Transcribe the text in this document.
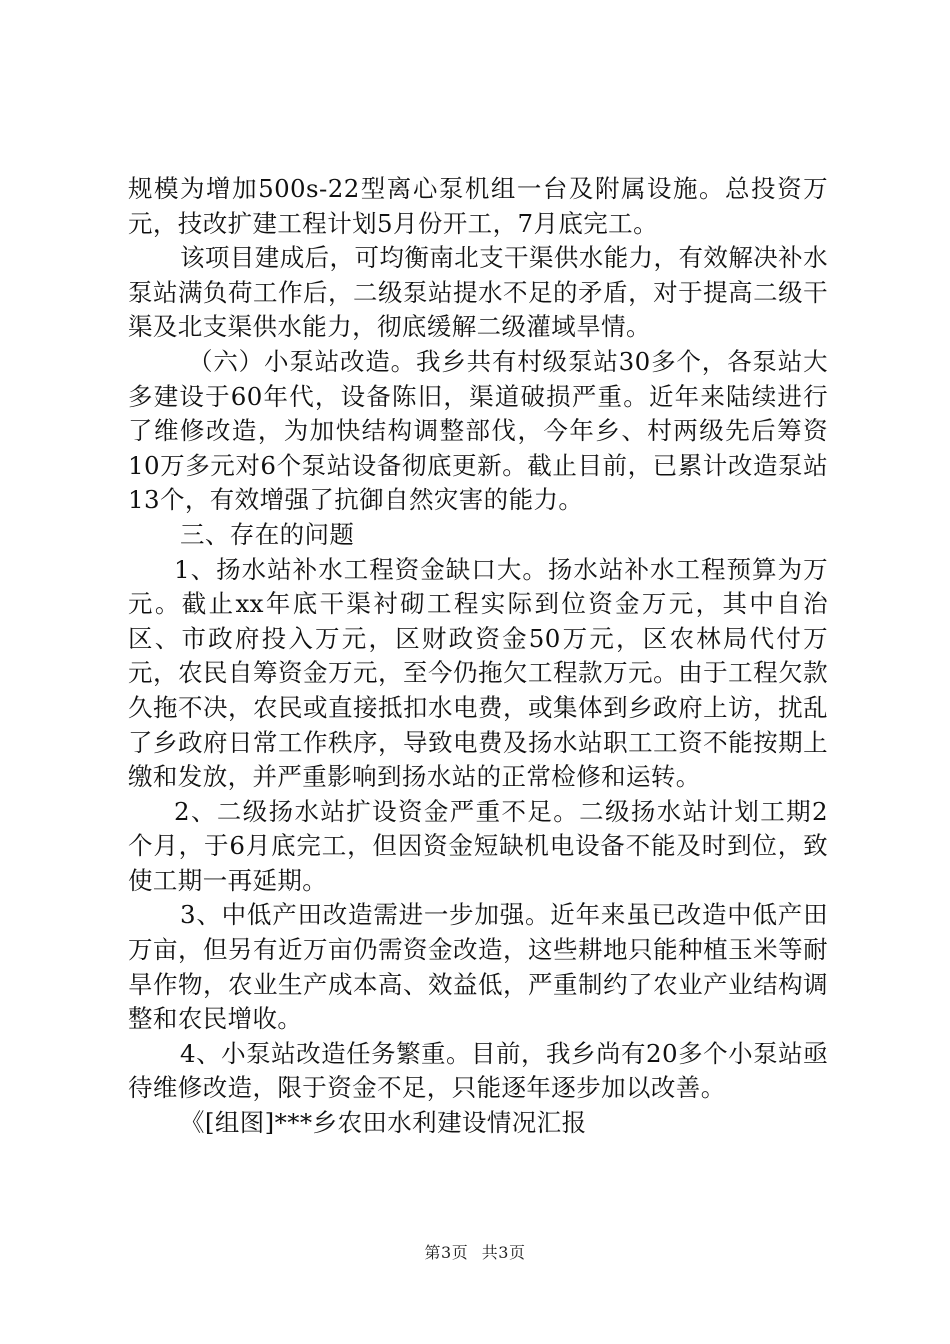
规模为增加500s-22型离心泵机组一台及附属设施。总投资万元，技改扩建工程计划5月份开工，7月底完工。

该项目建成后，可均衡南北支干渠供水能力，有效解决补水泵站满负荷工作后，二级泵站提水不足的矛盾，对于提高二级干渠及北支渠供水能力，彻底缓解二级灌域旱情。

（六）小泵站改造。我乡共有村级泵站30多个，各泵站大多建设于60年代，设备陈旧，渠道破损严重。近年来陆续进行了维修改造，为加快结构调整部伐，今年乡、村两级先后筹资10万多元对6个泵站设备彻底更新。截止目前，已累计改造泵站13个，有效增强了抗御自然灾害的能力。

三、存在的问题

1、扬水站补水工程资金缺口大。扬水站补水工程预算为万元。截止xx年底干渠衬砌工程实际到位资金万元，其中自治区、市政府投入万元，区财政资金50万元，区农林局代付万元，农民自筹资金万元，至今仍拖欠工程款万元。由于工程欠款久拖不决，农民或直接抵扣水电费，或集体到乡政府上访，扰乱了乡政府日常工作秩序，导致电费及扬水站职工工资不能按期上缴和发放，并严重影响到扬水站的正常检修和运转。

2、二级扬水站扩设资金严重不足。二级扬水站计划工期2个月，于6月底完工，但因资金短缺机电设备不能及时到位，致使工期一再延期。

3、中低产田改造需进一步加强。近年来虽已改造中低产田万亩，但另有近万亩仍需资金改造，这些耕地只能种植玉米等耐旱作物，农业生产成本高、效益低，严重制约了农业产业结构调整和农民增收。

4、小泵站改造任务繁重。目前，我乡尚有20多个小泵站亟待维修改造，限于资金不足，只能逐年逐步加以改善。

《[组图]***乡农田水利建设情况汇报

第3页 共3页
